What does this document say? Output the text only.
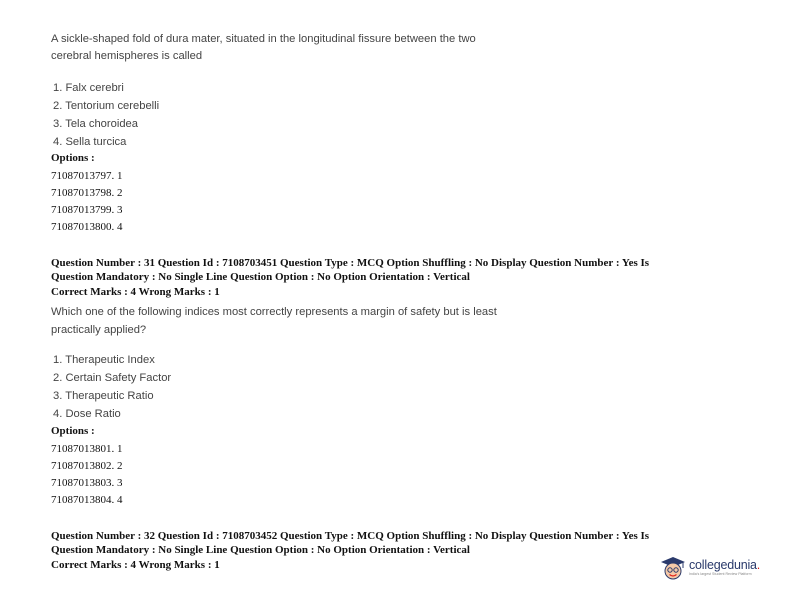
A sickle-shaped fold of dura mater, situated in the longitudinal fissure between the two
cerebral hemispheres is called
1. Falx cerebri
2. Tentorium cerebelli
3. Tela choroidea
4. Sella turcica
Options :
71087013797. 1
71087013798. 2
71087013799. 3
71087013800. 4
Question Number : 31 Question Id : 7108703451 Question Type : MCQ Option Shuffling : No Display Question Number : Yes Is
Question Mandatory : No Single Line Question Option : No Option Orientation : Vertical
Correct Marks : 4 Wrong Marks : 1
Which one of the following indices most correctly represents a margin of safety but is least
practically applied?
1. Therapeutic Index
2. Certain Safety Factor
3. Therapeutic Ratio
4. Dose Ratio
Options :
71087013801. 1
71087013802. 2
71087013803. 3
71087013804. 4
Question Number : 32 Question Id : 7108703452 Question Type : MCQ Option Shuffling : No Display Question Number : Yes Is
Question Mandatory : No Single Line Question Option : No Option Orientation : Vertical
Correct Marks : 4 Wrong Marks : 1	collegedunia.
India's largest Student Review Platform
